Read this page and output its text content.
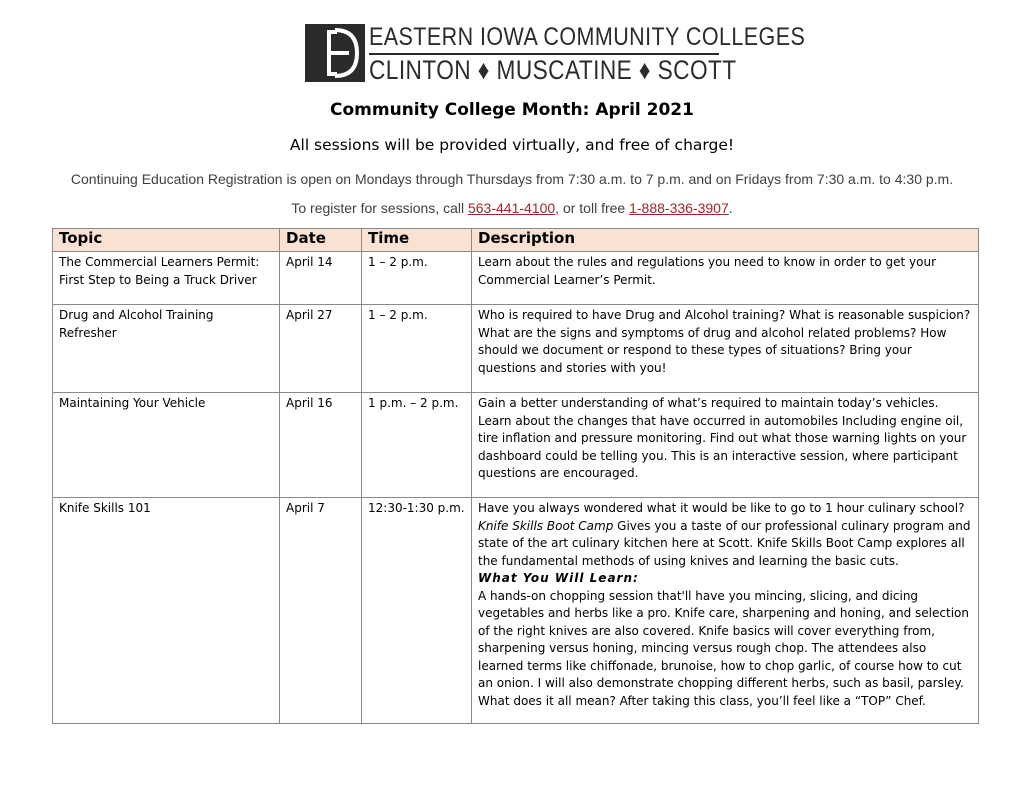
EASTERN IOWA COMMUNITY COLLEGES
CLINTON ♦ MUSCATINE ♦ SCOTT
Community College Month: April 2021
All sessions will be provided virtually, and free of charge!
Continuing Education Registration is open on Mondays through Thursdays from 7:30 a.m. to 7 p.m. and on Fridays from 7:30 a.m. to 4:30 p.m.
To register for sessions, call 563-441-4100, or toll free 1-888-336-3907.
Topic	Date	Time	Description
The Commercial Learners Permit: First Step to Being a Truck Driver	April 14	1 – 2 p.m.	Learn about the rules and regulations you need to know in order to get your Commercial Learner’s Permit.
Drug and Alcohol Training Refresher	April 27	1 – 2 p.m.	Who is required to have Drug and Alcohol training? What is reasonable suspicion? What are the signs and symptoms of drug and alcohol related problems? How should we document or respond to these types of situations? Bring your questions and stories with you!
Maintaining Your Vehicle	April 16	1 p.m. – 2 p.m.	Gain a better understanding of what’s required to maintain today’s vehicles. Learn about the changes that have occurred in automobiles Including engine oil, tire inflation and pressure monitoring. Find out what those warning lights on your dashboard could be telling you. This is an interactive session, where participant questions are encouraged.
Knife Skills 101	April 7	12:30-1:30 p.m.	Have you always wondered what it would be like to go to 1 hour culinary school?
Knife Skills Boot Camp Gives you a taste of our professional culinary program and state of the art culinary kitchen here at Scott. Knife Skills Boot Camp explores all the fundamental methods of using knives and learning the basic cuts.
What You Will Learn:
A hands-on chopping session that'll have you mincing, slicing, and dicing vegetables and herbs like a pro. Knife care, sharpening and honing, and selection of the right knives are also covered. Knife basics will cover everything from, sharpening versus honing, mincing versus rough chop. The attendees also learned terms like chiffonade, brunoise, how to chop garlic, of course how to cut an onion. I will also demonstrate chopping different herbs, such as basil, parsley. What does it all mean? After taking this class, you’ll feel like a “TOP” Chef.
